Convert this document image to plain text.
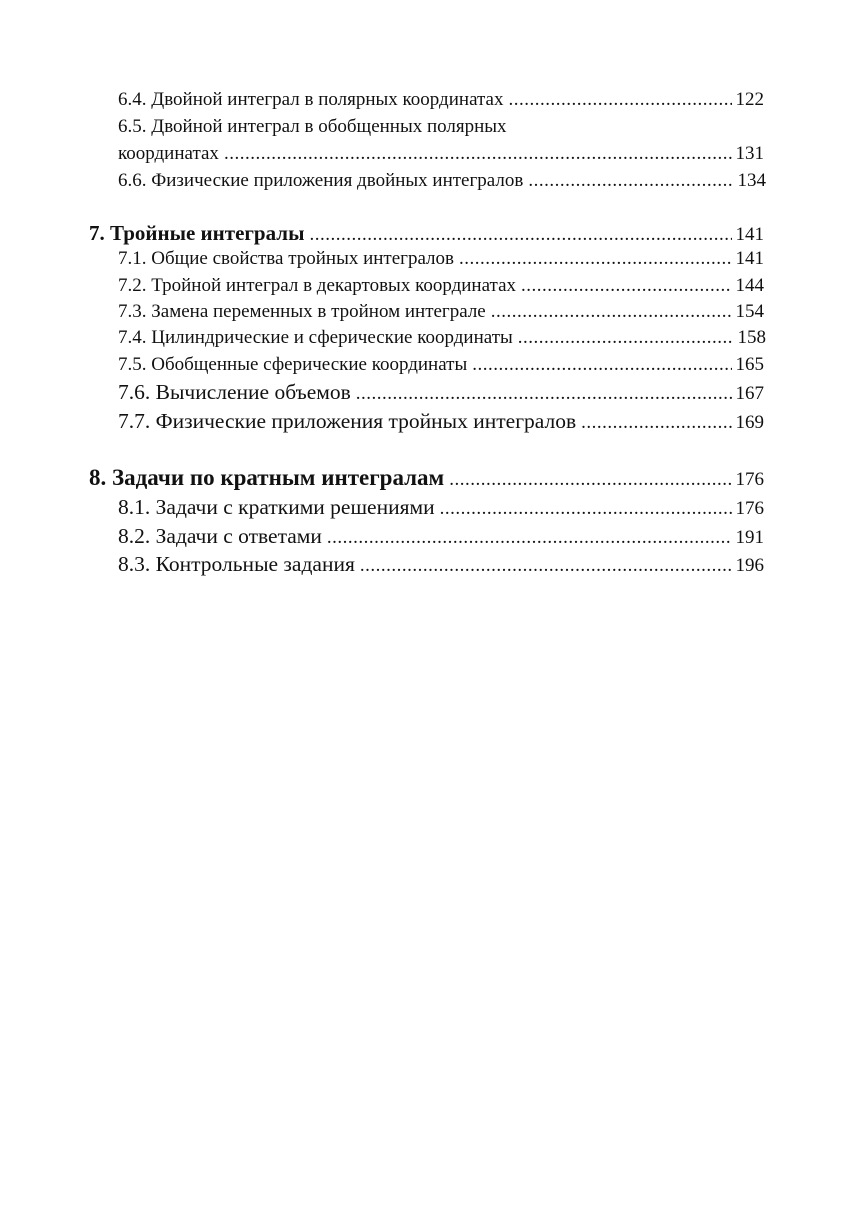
6.4. Двойной интеграл в полярных координатах .....	122
6.5. Двойной интеграл в обобщенных полярных
координатах .....	131
6.6. Физические приложения двойных интегралов .....	134
7. Тройные интегралы .....	141
7.1. Общие свойства тройных интегралов .....	141
7.2. Тройной интеграл в декартовых координатах .....	144
7.3. Замена переменных в тройном интеграле .....	154
7.4. Цилиндрические и сферические координаты .....	158
7.5. Обобщенные сферические координаты .....	165
7.6. Вычисление объемов .....	167
7.7. Физические приложения тройных интегралов .....	169
8. Задачи по кратным интегралам .....	176
8.1. Задачи с краткими решениями .....	176
8.2. Задачи с ответами .....	191
8.3. Контрольные задания .....	196
